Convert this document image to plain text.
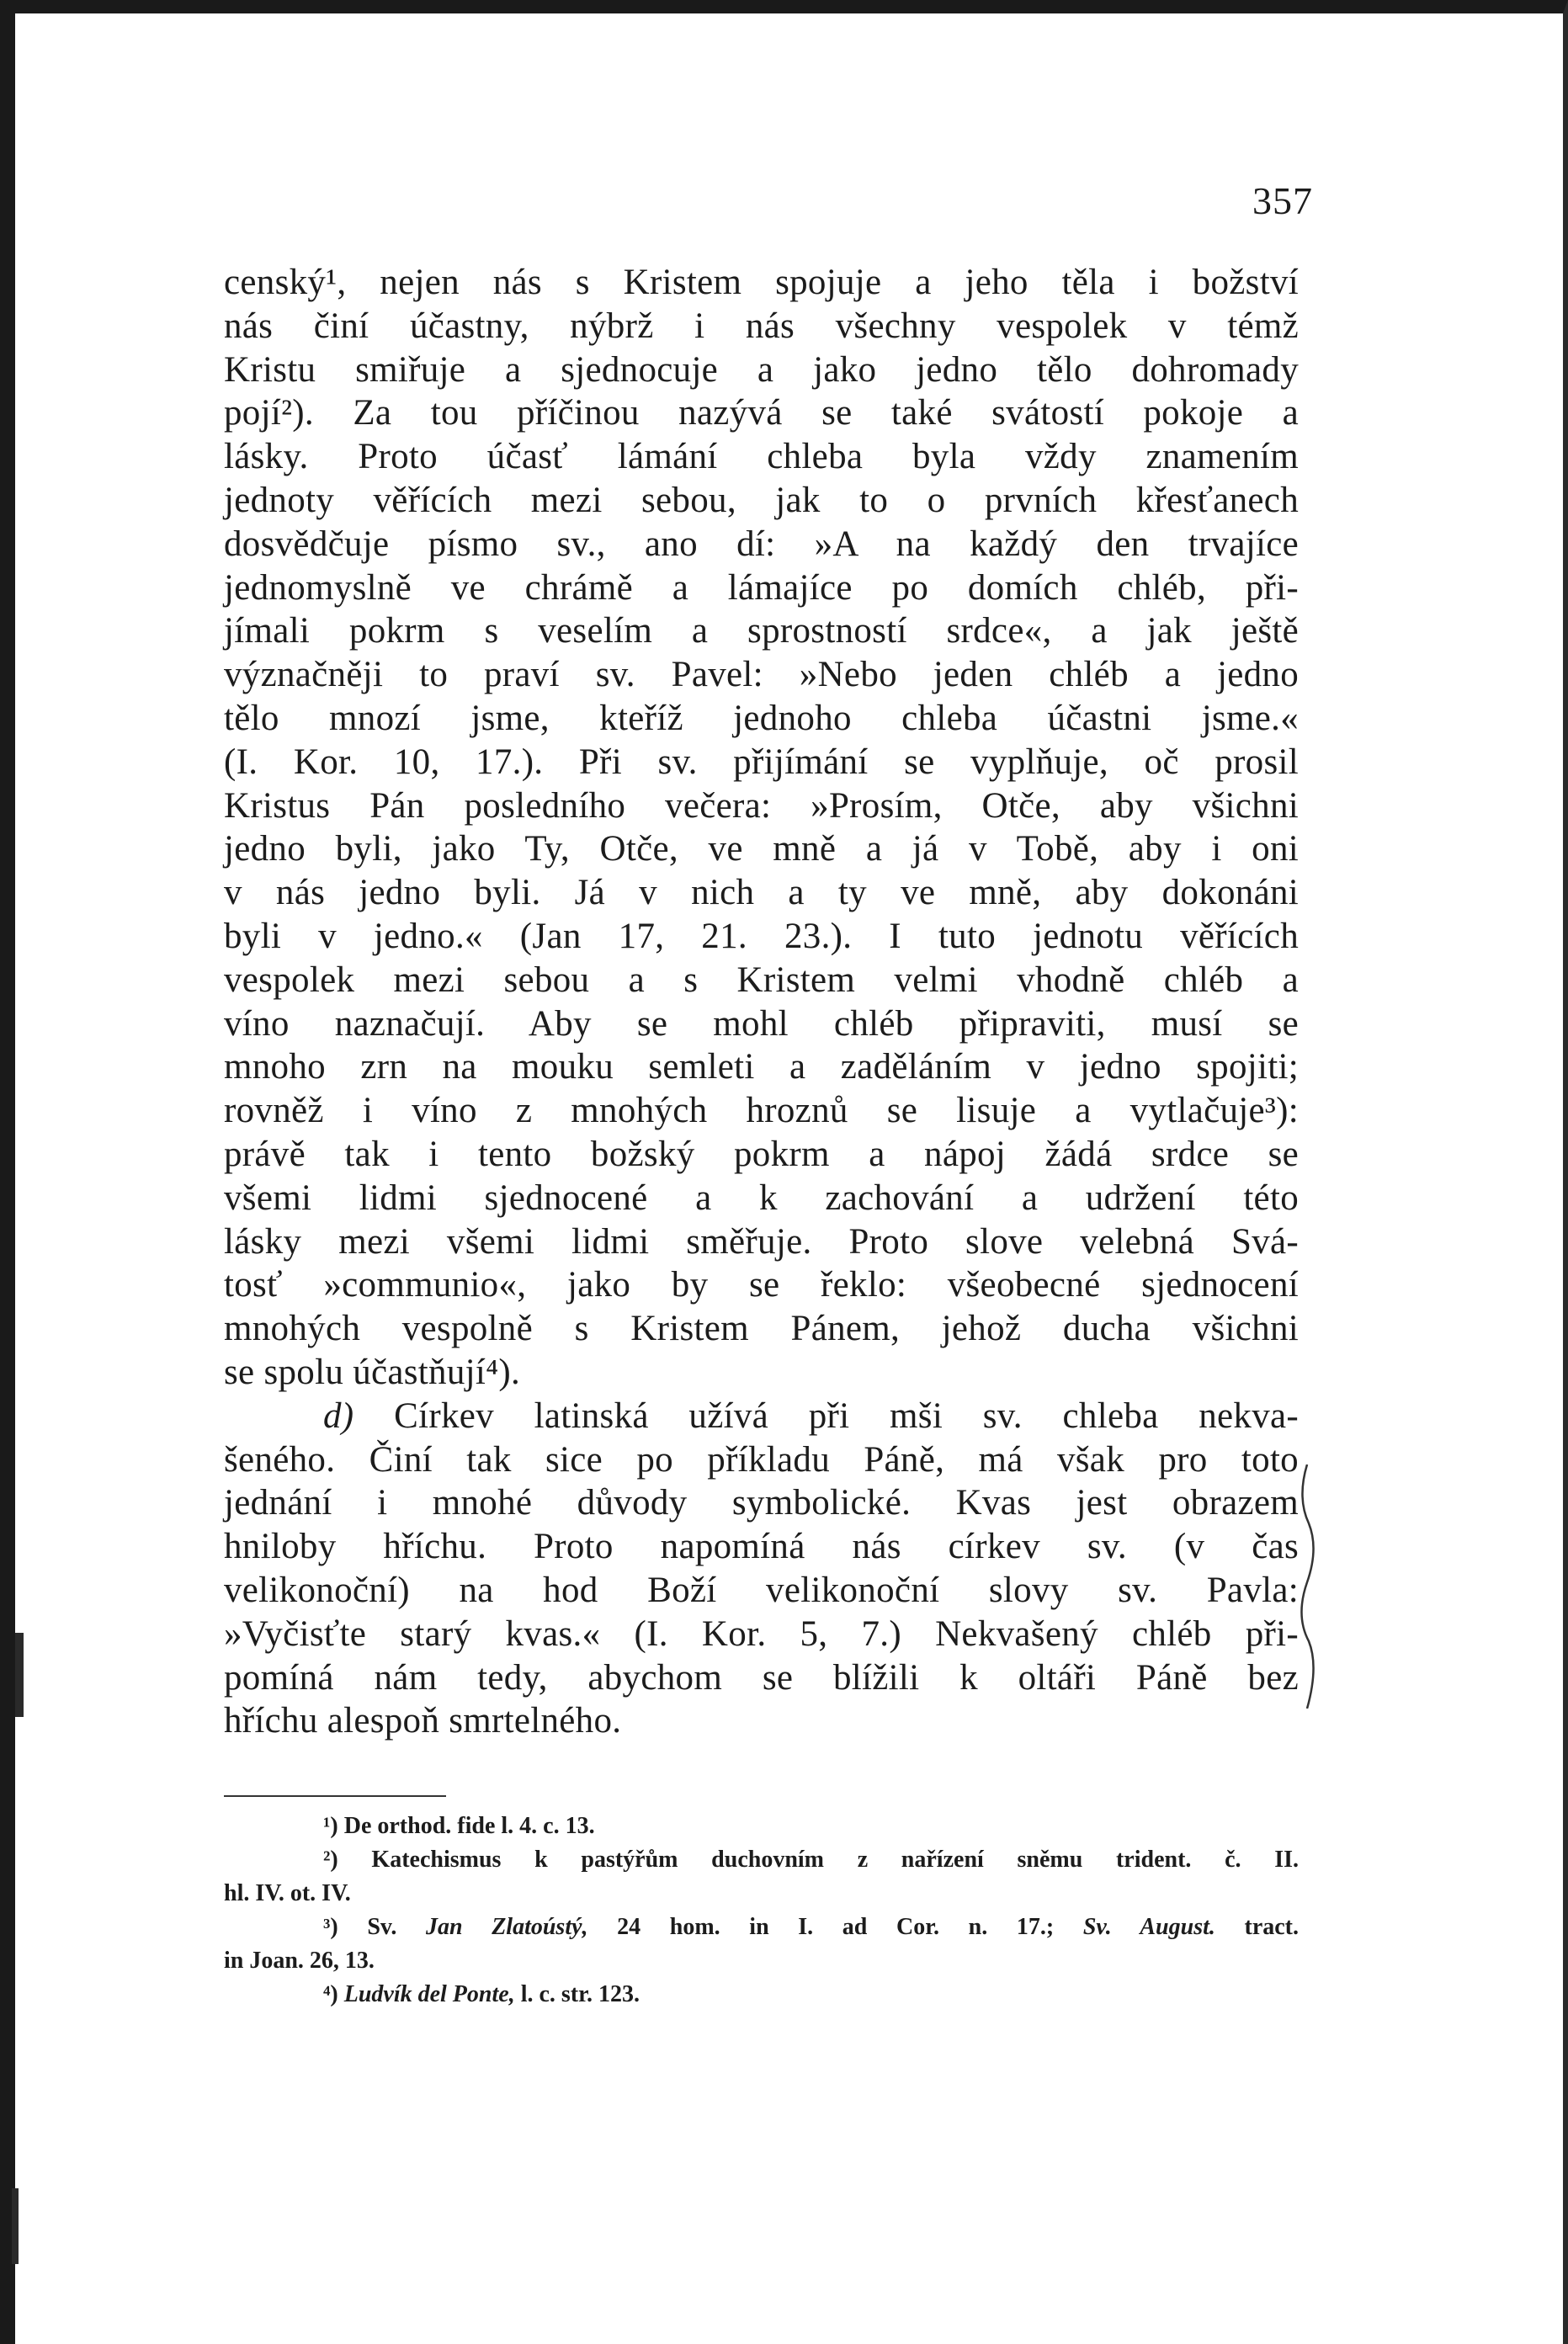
357
censký¹, nejen nás s Kristem spojuje a jeho těla i božství
nás činí účastny, nýbrž i nás všechny vespolek v témž
Kristu smiřuje a sjednocuje a jako jedno tělo dohromady
pojí²). Za tou příčinou nazývá se také svátostí pokoje a
lásky. Proto účasť lámání chleba byla vždy znamením
jednoty věřících mezi sebou, jak to o prvních křesťanech
dosvědčuje písmo sv., ano dí: »A na každý den trvajíce
jednomyslně ve chrámě a lámajíce po domích chléb, při-
jímali pokrm s veselím a sprostností srdce«, a jak ještě
význačněji to praví sv. Pavel: »Nebo jeden chléb a jedno
tělo mnozí jsme, kteříž jednoho chleba účastni jsme.«
(I. Kor. 10, 17.). Při sv. přijímání se vyplňuje, oč prosil
Kristus Pán posledního večera: »Prosím, Otče, aby všichni
jedno byli, jako Ty, Otče, ve mně a já v Tobě, aby i oni
v nás jedno byli. Já v nich a ty ve mně, aby dokonáni
byli v jedno.« (Jan 17, 21. 23.). I tuto jednotu věřících
vespolek mezi sebou a s Kristem velmi vhodně chléb a
víno naznačují. Aby se mohl chléb připraviti, musí se
mnoho zrn na mouku semleti a zaděláním v jedno spojiti;
rovněž i víno z mnohých hroznů se lisuje a vytlačuje³):
právě tak i tento božský pokrm a nápoj žádá srdce se
všemi lidmi sjednocené a k zachování a udržení této
lásky mezi všemi lidmi směřuje. Proto slove velebná Svá-
tosť »communio«, jako by se řeklo: všeobecné sjednocení
mnohých vespolně s Kristem Pánem, jehož ducha všichni
se spolu účastňují⁴).
d) Církev latinská užívá při mši sv. chleba nekva-
šeného. Činí tak sice po příkladu Páně, má však pro toto
jednání i mnohé důvody symbolické. Kvas jest obrazem
hniloby hříchu. Proto napomíná nás církev sv. (v čas
velikonoční) na hod Boží velikonoční slovy sv. Pavla:
»Vyčisťte starý kvas.« (I. Kor. 5, 7.) Nekvašený chléb při-
pomíná nám tedy, abychom se blížili k oltáři Páně bez
hříchu alespoň smrtelného.
¹) De orthod. fide l. 4. c. 13.
²) Katechismus k pastýřům duchovním z nařízení sněmu trident. č. II.
hl. IV. ot. IV.
³) Sv. Jan Zlatoústý, 24 hom. in I. ad Cor. n. 17.; Sv. August. tract.
in Joan. 26, 13.
⁴) Ludvík del Ponte, l. c. str. 123.
